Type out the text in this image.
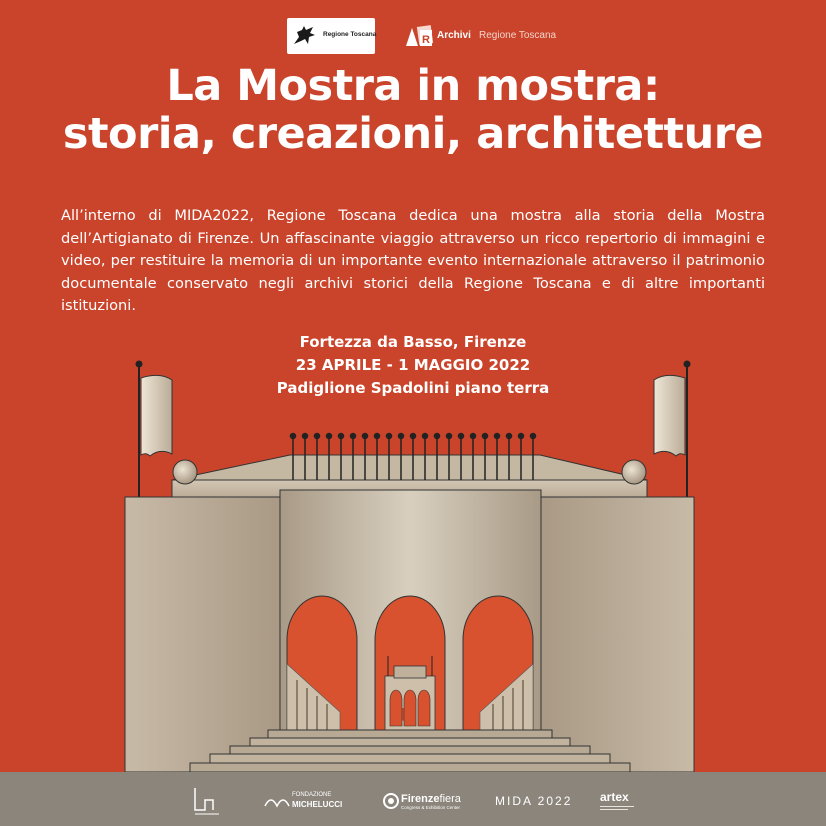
Regione Toscana	R Archivi Regione Toscana
La Mostra in mostra:
storia, creazioni, architetture

All’interno di MIDA2022, Regione Toscana dedica una mostra alla storia della Mostra dell’Artigianato di Firenze. Un affascinante viaggio attraverso un ricco repertorio di immagini e video, per restituire la memoria di un importante evento internazionale attraverso il patrimonio documentale conservato negli archivi storici della Regione Toscana e di altre importanti istituzioni.

Fortezza da Basso, Firenze
23 APRILE - 1 MAGGIO 2022
Padiglione Spadolini piano terra
FONDAZIONE
MICHELUCCI	Firenzefiera
Congress & Exhibition Center	MIDA 2022 artex
